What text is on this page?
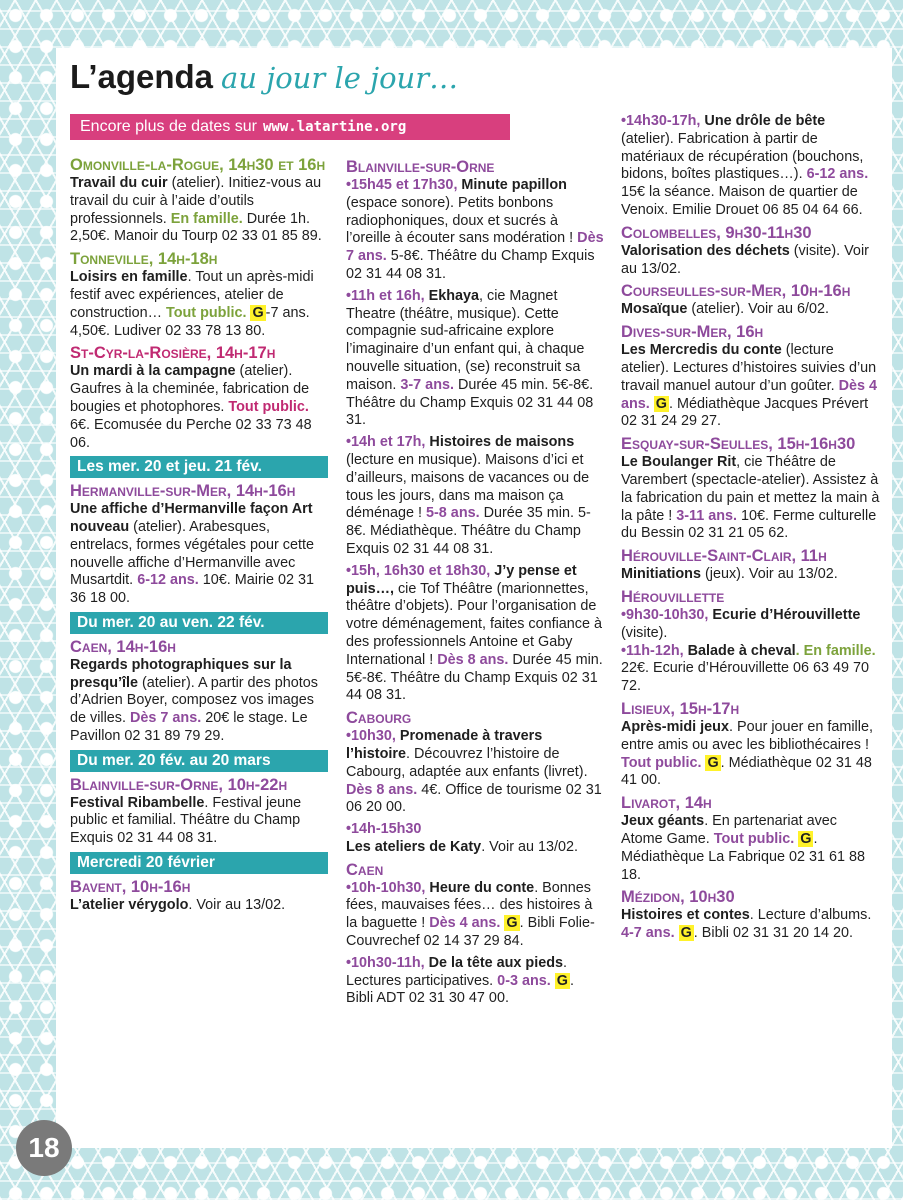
L’agenda au jour le jour…
Encore plus de dates sur www.latartine.org
Omonville-la-Rogue, 14h30 et 16h
Travail du cuir (atelier). Initiez-vous au travail du cuir à l’aide d’outils professionnels. En famille. Durée 1h. 2,50€. Manoir du Tourp 02 33 01 85 89.
Tonneville, 14h-18h
Loisirs en famille. Tout un après-midi festif avec expériences, atelier de construction… Tout public. G -7 ans. 4,50€. Ludiver 02 33 78 13 80.
St-Cyr-la-Rosière, 14h-17h
Un mardi à la campagne (atelier). Gaufres à la cheminée, fabrication de bougies et photophores. Tout public. 6€. Ecomusée du Perche 02 33 73 48 06.
Les mer. 20 et jeu. 21 fév.
Hermanville-sur-Mer, 14h-16h
Une affiche d’Hermanville façon Art nouveau (atelier). Arabesques, entrelacs, formes végétales pour cette nouvelle affiche d’Hermanville avec Musartdit. 6-12 ans. 10€. Mairie 02 31 36 18 00.
Du mer. 20 au ven. 22 fév.
Caen, 14h-16h
Regards photographiques sur la presqu’île (atelier). A partir des photos d’Adrien Boyer, composez vos images de villes. Dès 7 ans. 20€ le stage. Le Pavillon 02 31 89 79 29.
Du mer. 20 fév. au 20 mars
Blainville-sur-Orne, 10h-22h
Festival Ribambelle. Festival jeune public et familial. Théâtre du Champ Exquis 02 31 44 08 31.
Mercredi 20 février
Bavent, 10h-16h
L’atelier vérygolo. Voir au 13/02.
Blainville-sur-Orne
•15h45 et 17h30, Minute papillon (espace sonore). Petits bonbons radiophoniques, doux et sucrés à l’oreille à écouter sans modération ! Dès 7 ans. 5-8€. Théâtre du Champ Exquis 02 31 44 08 31.
•11h et 16h, Ekhaya, cie Magnet Theatre (théâtre, musique). Cette compagnie sud-africaine explore l’imaginaire d’un enfant qui, à chaque nouvelle situation, (se) reconstruit sa maison. 3-7 ans. Durée 45 min. 5€-8€. Théâtre du Champ Exquis 02 31 44 08 31.
•14h et 17h, Histoires de maisons (lecture en musique). Maisons d’ici et d’ailleurs, maisons de vacances ou de tous les jours, dans ma maison ça déménage ! 5-8 ans. Durée 35 min. 5-8€. Médiathèque. Théâtre du Champ Exquis 02 31 44 08 31.
•15h, 16h30 et 18h30, J’y pense et puis…, cie Tof Théâtre (marionnettes, théâtre d’objets). Pour l’organisation de votre déménagement, faites confiance à des professionnels Antoine et Gaby International ! Dès 8 ans. Durée 45 min. 5€-8€. Théâtre du Champ Exquis 02 31 44 08 31.
Cabourg
•10h30, Promenade à travers l’histoire. Découvrez l’histoire de Cabourg, adaptée aux enfants (livret). Dès 8 ans. 4€. Office de tourisme 02 31 06 20 00.
•14h-15h30
Les ateliers de Katy. Voir au 13/02.
Caen
•10h-10h30, Heure du conte. Bonnes fées, mauvaises fées… des histoires à la baguette ! Dès 4 ans. G . Bibli Folie-Couvrechef 02 14 37 29 84.
•10h30-11h, De la tête aux pieds. Lectures participatives. 0-3 ans. G . Bibli ADT 02 31 30 47 00.
•14h30-17h, Une drôle de bête (atelier). Fabrication à partir de matériaux de récupération (bouchons, bidons, boîtes plastiques…). 6-12 ans. 15€ la séance. Maison de quartier de Venoix. Emilie Drouet 06 85 04 64 66.
Colombelles, 9h30-11h30
Valorisation des déchets (visite). Voir au 13/02.
Courseulles-sur-Mer, 10h-16h
Mosaïque (atelier). Voir au 6/02.
Dives-sur-Mer, 16h
Les Mercredis du conte (lecture atelier). Lectures d’histoires suivies d’un travail manuel autour d’un goûter. Dès 4 ans. G . Médiathèque Jacques Prévert 02 31 24 29 27.
Esquay-sur-Seulles, 15h-16h30
Le Boulanger Rit, cie Théâtre de Varembert (spectacle-atelier). Assistez à la fabrication du pain et mettez la main à la pâte ! 3-11 ans. 10€. Ferme culturelle du Bessin 02 31 21 05 62.
Hérouville-Saint-Clair, 11h
Minitiations (jeux). Voir au 13/02.
Hérouvillette
•9h30-10h30, Ecurie d’Hérouvillette (visite).
•11h-12h, Balade à cheval. En famille. 22€. Ecurie d’Hérouvillette 06 63 49 70 72.
Lisieux, 15h-17h
Après-midi jeux. Pour jouer en famille, entre amis ou avec les bibliothécaires ! Tout public. G . Médiathèque 02 31 48 41 00.
Livarot, 14h
Jeux géants. En partenariat avec Atome Game. Tout public. G . Médiathèque La Fabrique 02 31 61 88 18.
Mézidon, 10h30
Histoires et contes. Lecture d’albums. 4-7 ans. G . Bibli 02 31 31 20 14 20.
18
